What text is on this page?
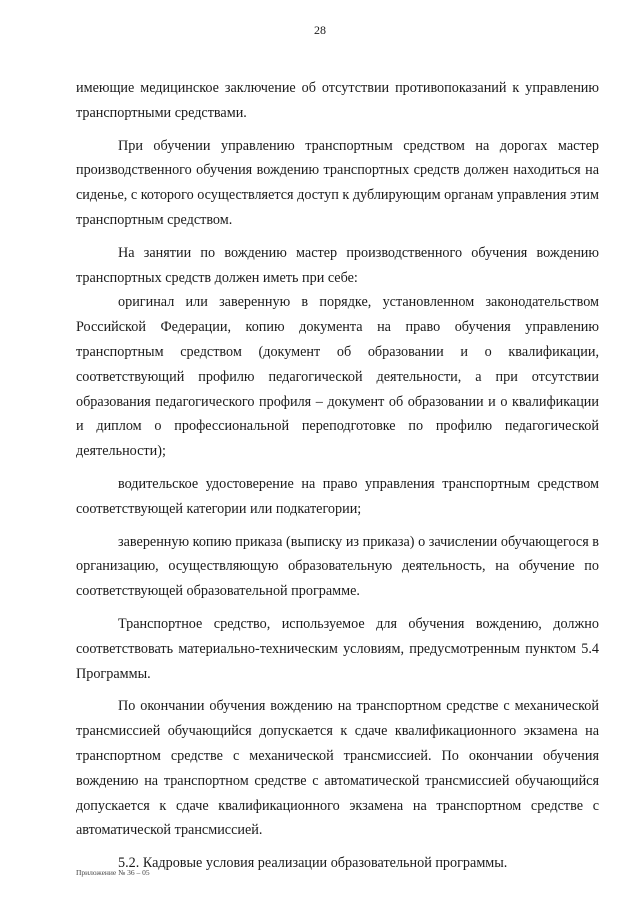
28

имеющие медицинское заключение об отсутствии противопоказаний к управлению транспортными средствами.

При обучении управлению транспортным средством на дорогах мастер производственного обучения вождению транспортных средств должен находиться на сиденье, с которого осуществляется доступ к дублирующим органам управления этим транспортным средством.

На занятии по вождению мастер производственного обучения вождению транспортных средств должен иметь при себе:

оригинал или заверенную в порядке, установленном законодательством Российской Федерации, копию документа на право обучения управлению транспортным средством (документ об образовании и о квалификации, соответствующий профилю педагогической деятельности, а при отсутствии образования педагогического профиля – документ об образовании и о квалификации и диплом о профессиональной переподготовке по профилю педагогической деятельности);

водительское удостоверение на право управления транспортным средством соответствующей категории или подкатегории;

заверенную копию приказа (выписку из приказа) о зачислении обучающегося в организацию, осуществляющую образовательную деятельность, на обучение по соответствующей образовательной программе.

Транспортное средство, используемое для обучения вождению, должно соответствовать материально-техническим условиям, предусмотренным пунктом 5.4 Программы.

По окончании обучения вождению на транспортном средстве с механической трансмиссией обучающийся допускается к сдаче квалификационного экзамена на транспортном средстве с механической трансмиссией. По окончании обучения вождению на транспортном средстве с автоматической трансмиссией обучающийся допускается к сдаче квалификационного экзамена на транспортном средстве с автоматической трансмиссией.

5.2. Кадровые условия реализации образовательной программы.

Приложение № 36 – 05
